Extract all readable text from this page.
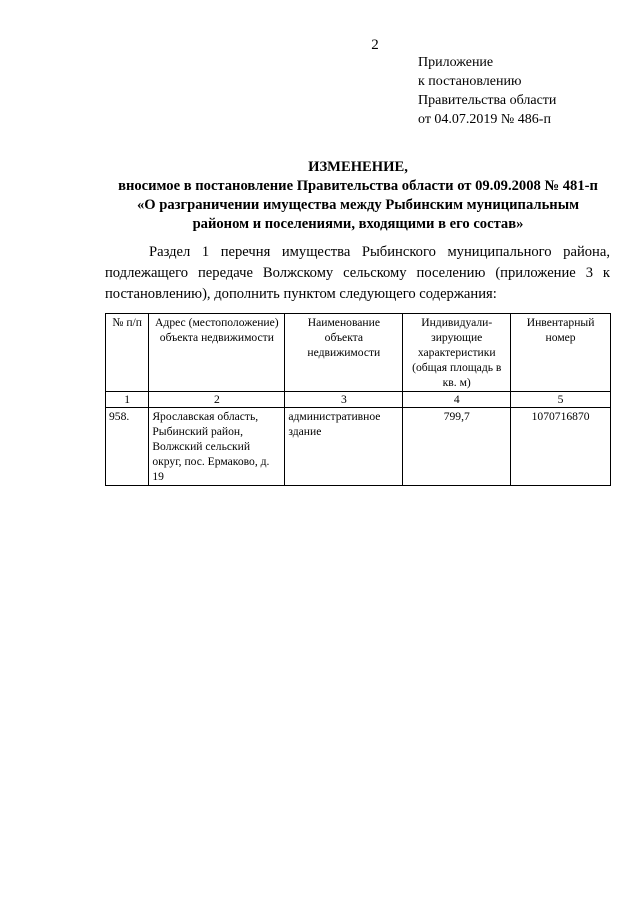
2
Приложение
к постановлению
Правительства области
от 04.07.2019 № 486-п
ИЗМЕНЕНИЕ,
вносимое в постановление Правительства области от 09.09.2008 № 481-п
«О разграничении имущества между Рыбинским муниципальным
районом и поселениями, входящими в его состав»
Раздел 1 перечня имущества Рыбинского муниципального района, подлежащего передаче Волжскому сельскому поселению (приложение 3 к постановлению), дополнить пунктом следующего содержания:
№ п/п	Адрес (местоположение) объекта недвижимости	Наименование объекта недвижимости	Индивидуали-зирующие характеристики (общая площадь в кв. м)	Инвентарный номер
1	2	3	4	5
958.	Ярославская область, Рыбинский район, Волжский сельский округ, пос. Ермаково, д. 19	административное здание	799,7	1070716870
